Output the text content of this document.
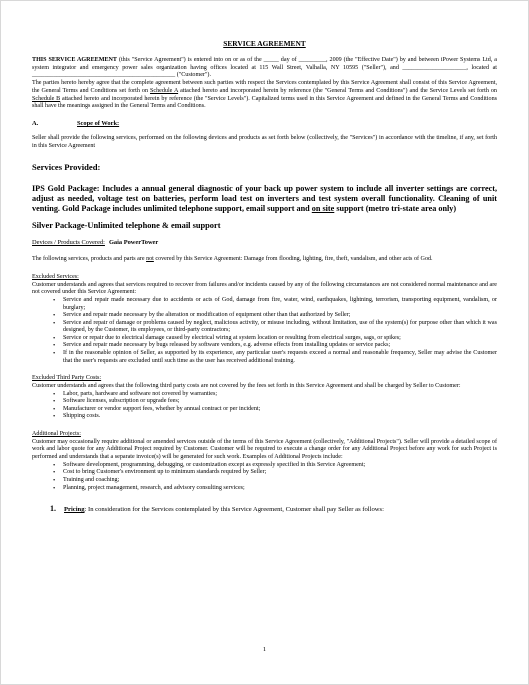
SERVICE AGREEMENT

THIS SERVICE AGREEMENT (this "Service Agreement") is entered into on or as of the _____ day of _________, 2009 (the "Effective Date") by and between iPower Systems Ltd, a system integrator and emergency power sales organization having offices located at 115 Wall Street, Valhalla, NY 10595 ("Seller"), and _____________________, located at _______________________________________________ ("Customer").

The parties hereto hereby agree that the complete agreement between such parties with respect the Services contemplated by this Service Agreement shall consist of this Service Agreement, the General Terms and Conditions set forth on Schedule A attached hereto and incorporated herein by reference (the "General Terms and Conditions") and the Service Levels set forth on Schedule B attached hereto and incorporated herein by reference (the "Service Levels"). Capitalized terms used in this Service Agreement and defined in the General Terms and Conditions shall have the meanings assigned in the General Terms and Conditions.

A.	Scope of Work:

Seller shall provide the following services, performed on the following devices and products as set forth below (collectively, the "Services") in accordance with the timeline, if any, set forth in this Service Agreement

Services Provided:

IPS Gold Package: Includes a annual general diagnostic of your back up power system to include all inverter settings are correct, adjust as needed, voltage test on batteries, perform load test on inverters and test system overall functionality. Cleaning of unit venting. Gold Package includes unlimited telephone support, email support and on site support (metro tri-state area only)

Silver Package-Unlimited telephone & email support
Devices / Products Covered: Gaia PowerTower

The following services, products and parts are not covered by this Service Agreement: Damage from flooding, lighting, fire, theft, vandalism, and other acts of God.

Excluded Services:

Customer understands and agrees that services required to recover from failures and/or incidents caused by any of the following circumstances are not considered normal maintenance and are not covered under this Service Agreement:

• Service and repair made necessary due to accidents or acts of God, damage from fire, water, wind, earthquakes, lightning, terrorism, transporting equipment, vandalism, or burglary;
• Service and repair made necessary by the alteration or modification of equipment other than that authorized by Seller;
• Service and repair of damage or problems caused by neglect, malicious activity, or misuse including, without limitation, use of the system(s) for purpose other than which it was designed, by the Customer, its employees, or third-party contractors;
• Service or repair due to electrical damage caused by electrical wiring at system location or resulting from electrical surges, sags, or spikes;
• Service and repair made necessary by bugs released by software vendors, e.g. adverse effects from installing updates or service packs;
• If in the reasonable opinion of Seller, as supported by its experience, any particular user's requests exceed a normal and reasonable frequency, Seller may advise the Customer that the user's requests are excluded until such time as the user has received additional training.
Excluded Third Party Costs:

Customer understands and agrees that the following third party costs are not covered by the fees set forth in this Service Agreement and shall be charged by Seller to Customer:

• Labor, parts, hardware and software not covered by warranties;
• Software licenses, subscription or upgrade fees;
• Manufacturer or vendor support fees, whether by annual contract or per incident;
• Shipping costs.
Additional Projects:

Customer may occasionally require additional or amended services outside of the terms of this Service Agreement (collectively, "Additional Projects"). Seller will provide a detailed scope of work and labor quote for any Additional Project required by Customer. Customer will be required to execute a change order for any Additional Project before any work for such Project is performed and understands that a separate invoice(s) will be generated for such work. Examples of Additional Projects include:

• Software development, programming, debugging, or customization except as expressly specified in this Service Agreement;
• Cost to bring Customer's environment up to minimum standards required by Seller;
• Training and coaching;
• Planning, project management, research, and advisory consulting services;
1. Pricing: In consideration for the Services contemplated by this Service Agreement, Customer shall pay Seller as follows:
1
